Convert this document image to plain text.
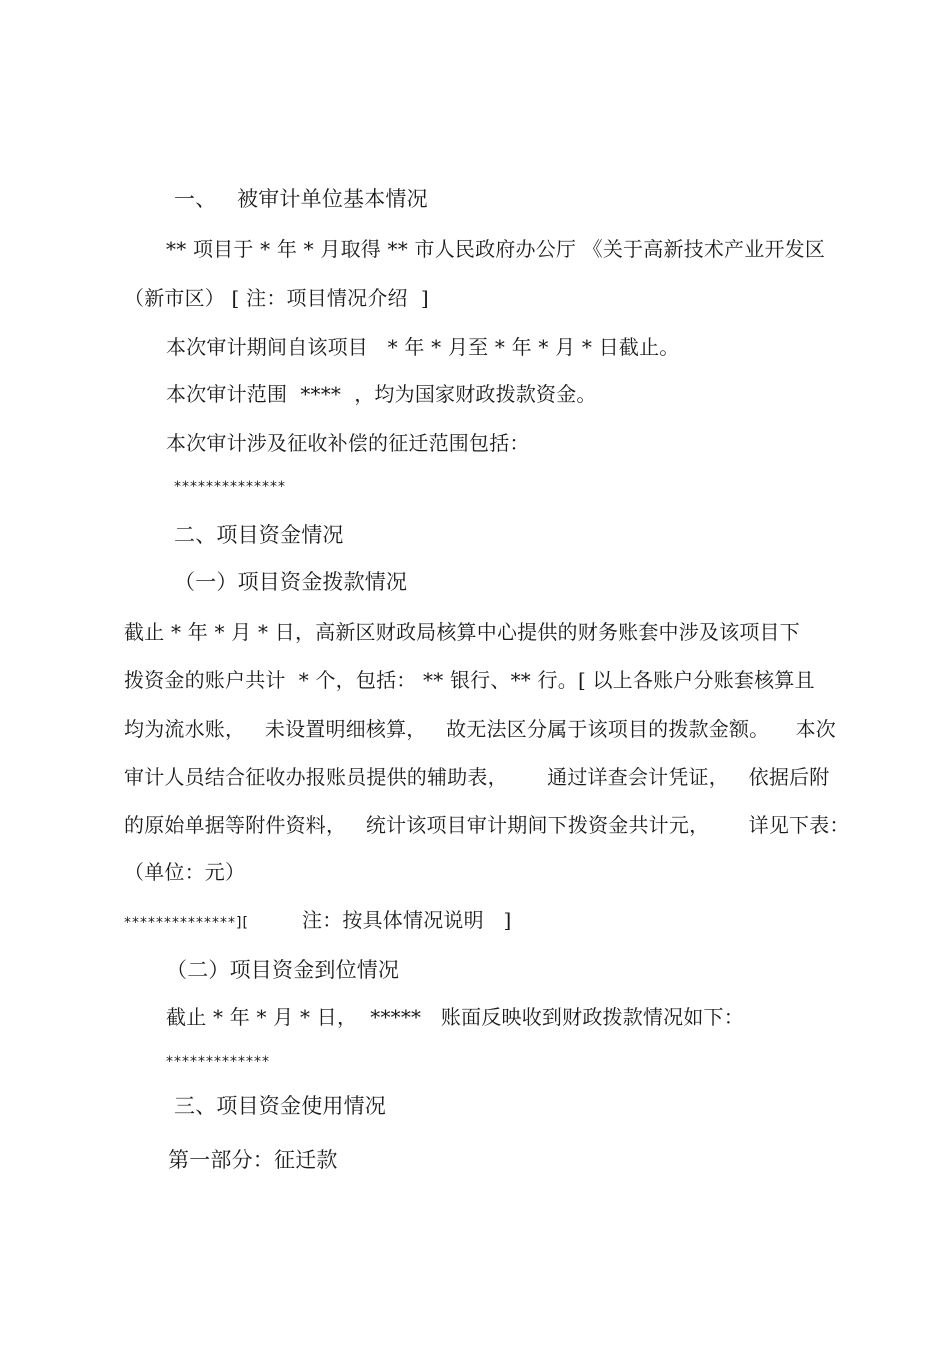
一、   被审计单位基本情况
** 项目于 * 年 * 月取得 ** 市人民政府办公厅 《关于高新技术产业开发区
（新市区） [ 注：项目情况介绍  ]
本次审计期间自该项目   * 年 * 月至 * 年 * 月 * 日截止。
本次审计范围  ****  ，均为国家财政拨款资金。
本次审计涉及征收补偿的征迁范围包括：
**************
二、项目资金情况
（一）项目资金拨款情况
截止 * 年 * 月 * 日，高新区财政局核算中心提供的财务账套中涉及该项目下
拨资金的账户共计  * 个，包括： ** 银行、** 行。[ 以上各账户分账套核算且
均为流水账，   未设置明细核算，   故无法区分属于该项目的拨款金额。    本次
审计人员结合征收办报账员提供的辅助表，      通过详查会计凭证，   依据后附
的原始单据等附件资料，   统计该项目审计期间下拨资金共计元，      详见下表：
（单位：元）
**************][	注：按具体情况说明   ]
（二）项目资金到位情况
截止 * 年 * 月 * 日，  *****   账面反映收到财政拨款情况如下：
*************
三、项目资金使用情况
第一部分：征迁款
